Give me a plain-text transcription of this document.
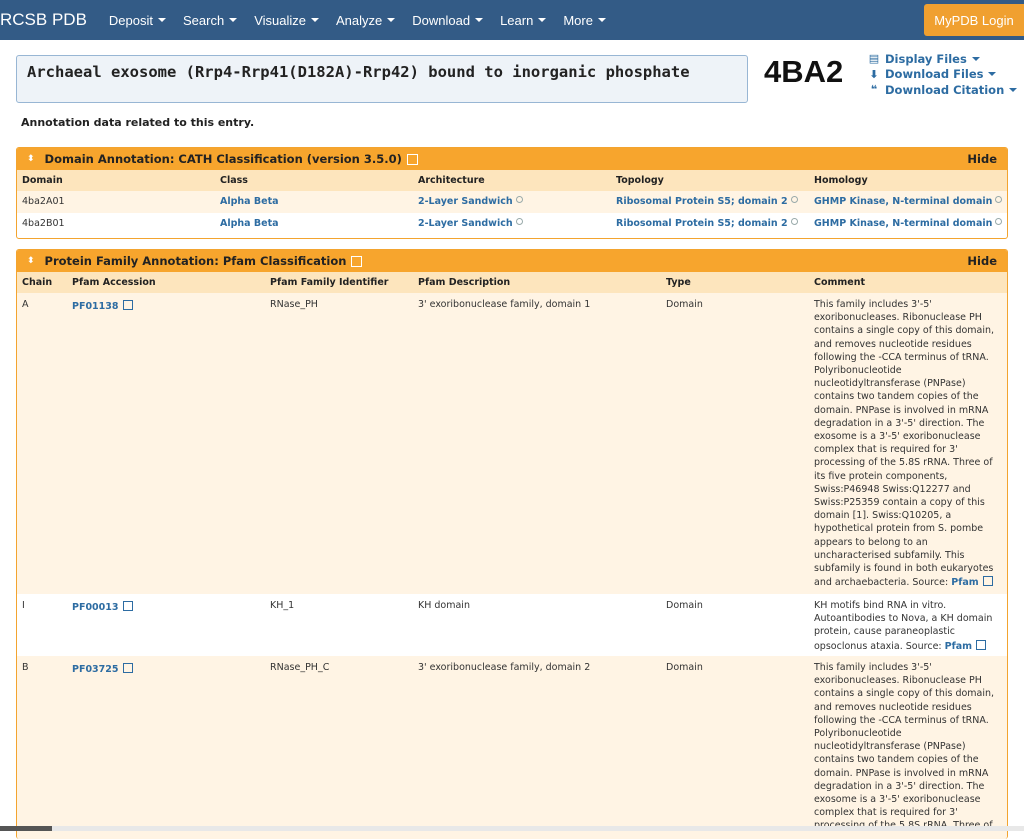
RCSB PDB Deposit Search Visualize Analyze Download Learn More	MyPDB Login
Archaeal exosome (Rrp4-Rrp41(D182A)-Rrp42) bound to inorganic phosphate	4BA2 ▤ Display Files
⬇ Download Files
❝ Download Citation
Annotation data related to this entry.
⬍ Domain Annotation: CATH Classification (version 3.5.0)	Hide
Domain	Class	Architecture	Topology	Homology
4ba2A01	Alpha Beta	2-Layer Sandwich	Ribosomal Protein S5; domain 2	GHMP Kinase, N-terminal domain
4ba2B01	Alpha Beta	2-Layer Sandwich	Ribosomal Protein S5; domain 2	GHMP Kinase, N-terminal domain
⬍ Protein Family Annotation: Pfam Classification	Hide
Chain Pfam Accession	Pfam Family Identifier	Pfam Description	Type	Comment
A	PF01138	RNase_PH	3' exoribonuclease family, domain 1	Domain	This family includes 3'-5'
exoribonucleases. Ribonuclease PH
contains a single copy of this domain,
and removes nucleotide residues
following the -CCA terminus of tRNA.
Polyribonucleotide
nucleotidyltransferase (PNPase)
contains two tandem copies of the
domain. PNPase is involved in mRNA
degradation in a 3'-5' direction. The
exosome is a 3'-5' exoribonuclease
complex that is required for 3'
processing of the 5.8S rRNA. Three of
its five protein components,
Swiss:P46948 Swiss:Q12277 and
Swiss:P25359 contain a copy of this
domain [1]. Swiss:Q10205, a
hypothetical protein from S. pombe
appears to belong to an
uncharacterised subfamily. This
subfamily is found in both eukaryotes
and archaebacteria. Source: Pfam
I	PF00013	KH_1	KH domain	Domain	KH motifs bind RNA in vitro.
Autoantibodies to Nova, a KH domain
protein, cause paraneoplastic
opsoclonus ataxia. Source: Pfam
B	PF03725	RNase_PH_C	3' exoribonuclease family, domain 2	Domain	This family includes 3'-5'
exoribonucleases. Ribonuclease PH
contains a single copy of this domain,
and removes nucleotide residues
following the -CCA terminus of tRNA.
Polyribonucleotide
nucleotidyltransferase (PNPase)
contains two tandem copies of the
domain. PNPase is involved in mRNA
degradation in a 3'-5' direction. The
exosome is a 3'-5' exoribonuclease
complex that is required for 3'
